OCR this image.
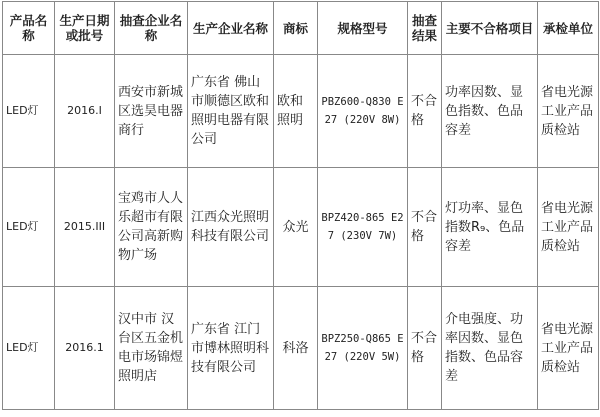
产品名称	生产日期或批号	抽查企业名称	生产企业名称	商标	规格型号	抽查结果	主要不合格项目	承检单位
LED灯	2016.I	西安市新城区选昊电器商行	广东省 佛山市顺德区欧和照明电器有限公司	欧和照明	PBZ600-Q830 E27 (220V 8W)	不合格	功率因数、显色指数、色品容差	省电光源工业产品质检站
LED灯	2015.III	宝鸡市人人乐超市有限公司高新购物广场	江西众光照明科技有限公司	众光	BPZ420-865 E27 (230V 7W)	不合格	灯功率、显色指数R₉、色品容差	省电光源工业产品质检站
LED灯	2016.1	汉中市 汉台区五金机电市场锦煜照明店	广东省 江门市博林照明科技有限公司	科洛	BPZ250-Q865 E27 (220V 5W)	不合格	介电强度、功率因数、显色指数、色品容差	省电光源工业产品质检站
